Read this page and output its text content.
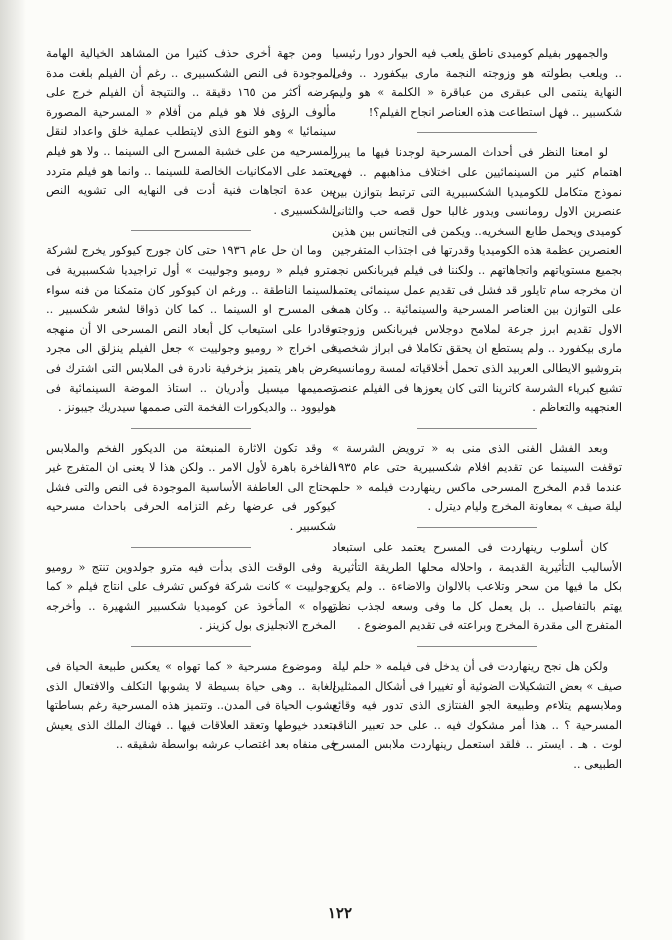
والجمهور بفيلم كوميدى ناطق يلعب فيه الحوار دورا رئيسيا .. ويلعب بطولته هو وزوجته النجمة مارى بيكفورد .. وفى النهاية ينتمى الى عبقرى من عباقرة « الكلمة » هو وليم شكسبير .. فهل استطاعت هذه العناصر انجاح الفيلم؟!

لو امعنا النظر فى أحداث المسرحية لوجدنا فيها ما يبرر اهتمام كثير من السينمائيين على اختلاف مذاهبهم .. فهى نموذج متكامل للكوميديا الشكسبيرية التى ترتبط بتوازن بين عنصرين الاول رومانسى ويدور غالبا حول قصه حب والثانى كوميدى ويحمل طابع السخريه.. ويكمن فى التجانس بين هذين العنصرين عظمة هذه الكوميديا وقدرتها فى اجتذاب المتفرجين بجميع مستوياتهم واتجاهاتهم .. ولكننا فى فيلم فيربانكس نجد ان مخرجه سام تايلور قد فشل فى تقديم عمل سينمائى يعتمد على التوازن بين العناصر المسرحية والسينمائية .. وكان همه الاول تقديم ابرز جرعة لملامح دوجلاس فيربانكس وزوجته مارى بيكفورد .. ولم يستطع ان يحقق تكاملا فى ابراز شخصية بتروشيو الايطالى العربيد الذى تحمل أخلاقياته لمسة رومانسيه تشيع كبرياء الشرسة كاترينا التى كان يعوزها فى الفيلم عنصر العنجهيه والتعاظم .

وبعد الفشل الفنى الذى منى به « ترويض الشرسة » توقفت السينما عن تقديم افلام شكسبيرية حتى عام ١٩٣٥ عندما قدم المخرج المسرحى ماكس رينهاردت فيلمه « حلم ليلة صيف » بمعاونة المخرج وليام ديترل .

كان أسلوب رينهاردت فى المسرح يعتمد على استبعاد الأساليب التأثيرية القديمة ، واحلاله محلها الطريقة التأثيرية بكل ما فيها من سحر وتلاعب بالالوان والاضاءة .. ولم يكن يهتم بالتفاصيل .. بل يعمل كل ما وفى وسعه لجذب نظر المتفرج الى مقدرة المخرج وبراعته فى تقديم الموضوع .

ولكن هل نجح رينهاردت فى أن يدخل فى فيلمه « حلم ليلة صيف » بعض التشكيلات الضوئية أو تغييرا فى أشكال الممثلين وملابسهم يتلاءم وطبيعة الجو الفنتازى الذى تدور فيه وقائع المسرحية ؟ .. هذا أمر مشكوك فيه .. على حد تعبير الناقد لوت . هـ . ايستر .. فلقد استعمل رينهاردت ملابس المسرح الطبيعى ..

ومن جهة أخرى حذف كثيرا من المشاهد الخيالية الهامة الموجودة فى النص الشكسبيرى .. رغم أن الفيلم بلغت مدة عرضه أكثر من ١٦٥ دقيقة .. والنتيجة أن الفيلم خرج على مألوف الرؤى فلا هو فيلم من أفلام « المسرحية المصورة سينمائيا » وهو النوع الذى لايتطلب عملية خلق واعداد لنقل المسرحيه من على خشبة المسرح الى السينما .. ولا هو فيلم يعتمد على الامكانيات الخالصة للسينما .. وانما هو فيلم متردد بين عدة اتجاهات فنية أدت فى النهايه الى تشويه النص الشكسبيرى .

وما ان حل عام ١٩٣٦ حتى كان جورج كيوكور يخرج لشركة مترو فيلم « روميو وجولييت » أول تراجيديا شكسبيرية فى السينما الناطقة .. ورغم ان كيوكور كان متمكنا من فنه سواء فى المسرح او السينما .. كما كان ذواقا لشعر شكسبير .. وقادرا على استيعاب كل أبعاد النص المسرحى الا أن منهجه فى اخراج « روميو وجولييت » جعل الفيلم ينزلق الى مجرد عرض باهر يتميز بزخرفية نادرة فى الملابس التى اشترك فى تصميمها ميسيل وأدريان .. استاذ الموضة السينمائية فى هوليوود .. والديكورات الفخمة التى صممها سيدريك جيبونز .

وقد تكون الاثارة المنبعثة من الديكور الفخم والملابس الفاخرة باهرة لأول الامر .. ولكن هذا لا يعنى ان المتفرج غير محتاج الى العاطفة الأساسية الموجودة فى النص والتى فشل كيوكور فى عرضها رغم التزامه الحرفى باحداث مسرحيه شكسبير .

وفى الوقت الذى بدأت فيه مترو جولدوين تنتج « روميو وجولييت » كانت شركة فوكس تشرف على انتاج فيلم « كما تهواه » المأخوذ عن كوميديا شكسبير الشهيرة .. وأخرجه المخرج الانجليزى بول كزينز .

وموضوع مسرحية « كما تهواه » يعكس طبيعة الحياة فى الغابة .. وهى حياة بسيطة لا يشوبها التكلف والافتعال الذى يشوب الحياة فى المدن.. وتتميز هذه المسرحية رغم بساطتها بتعدد خيوطها وتعقد العلاقات فيها .. فهناك الملك الذى يعيش فى منفاه بعد اغتصاب عرشه بواسطة شقيقه ..

١٢٢
